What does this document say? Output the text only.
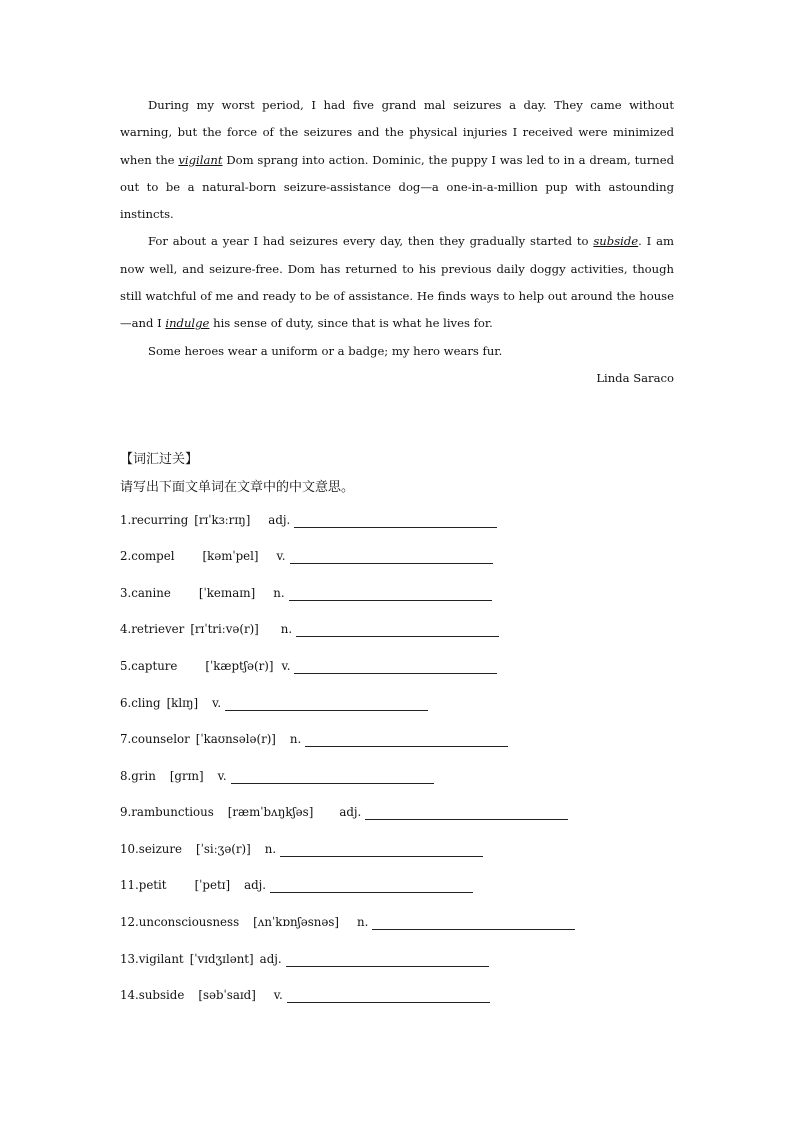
During my worst period, I had five grand mal seizures a day. They came without warning, but the force of the seizures and the physical injuries I received were minimized when the vigilant Dom sprang into action. Dominic, the puppy I was led to in a dream, turned out to be a natural-born seizure-assistance dog—a one-in-a-million pup with astounding instincts.

For about a year I had seizures every day, then they gradually started to subside. I am now well, and seizure-free. Dom has returned to his previous daily doggy activities, though still watchful of me and ready to be of assistance. He finds ways to help out around the house—and I indulge his sense of duty, since that is what he lives for.

Some heroes wear a uniform or a badge; my hero wears fur.

Linda Saraco
【词汇过关】
请写出下面文单词在文章中的中文意思。
1.recurring [rɪˈkɜːrɪŋ] adj.
2.compel [kəmˈpel] v.
3.canine [ˈkeɪnaɪn] n.
4.retriever [rɪˈtriːvə(r)] n.
5.capture [ˈkæptʃə(r)] v.
6.cling [klɪŋ] v.
7.counselor [ˈkaʊnsələ(r)] n.
8.grin [grɪn] v.
9.rambunctious [ræmˈbʌŋkʃəs] adj.
10.seizure [ˈsiːʒə(r)] n.
11.petit [ˈpetɪ] adj.
12.unconsciousness [ʌnˈkɒnʃəsnəs] n.
13.vigilant [ˈvɪdʒɪlənt] adj.
14.subside [səbˈsaɪd] v.
